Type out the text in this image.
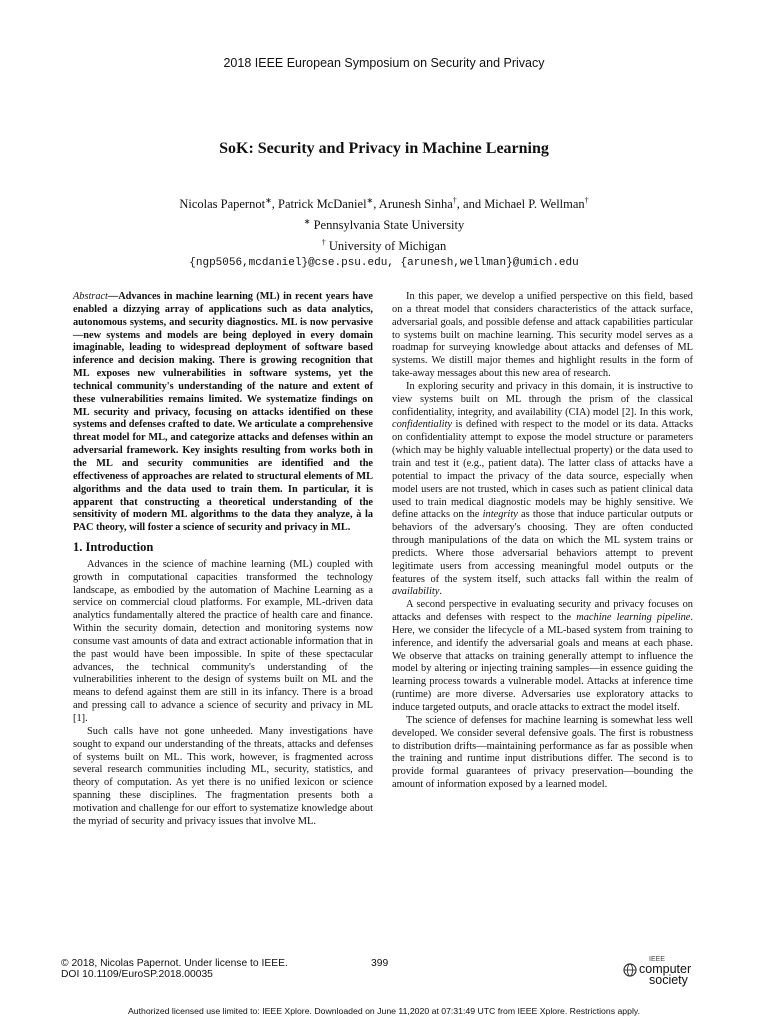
2018 IEEE European Symposium on Security and Privacy
SoK: Security and Privacy in Machine Learning
Nicolas Papernot∗, Patrick McDaniel∗, Arunesh Sinha†, and Michael P. Wellman†
∗ Pennsylvania State University
† University of Michigan
{ngp5056,mcdaniel}@cse.psu.edu, {arunesh,wellman}@umich.edu

Abstract—Advances in machine learning (ML) in recent years have enabled a dizzying array of applications such as data analytics, autonomous systems, and security diagnostics. ML is now pervasive—new systems and models are being deployed in every domain imaginable, leading to widespread deployment of software based inference and decision making. There is growing recognition that ML exposes new vulnerabilities in software systems, yet the technical community's understanding of the nature and extent of these vulnerabilities remains limited. We systematize findings on ML security and privacy, focusing on attacks identified on these systems and defenses crafted to date. We articulate a comprehensive threat model for ML, and categorize attacks and defenses within an adversarial framework. Key insights resulting from works both in the ML and security communities are identified and the effectiveness of approaches are related to structural elements of ML algorithms and the data used to train them. In particular, it is apparent that constructing a theoretical understanding of the sensitivity of modern ML algorithms to the data they analyze, à la PAC theory, will foster a science of security and privacy in ML.

1. Introduction

Advances in the science of machine learning (ML) coupled with growth in computational capacities transformed the technology landscape, as embodied by the automation of Machine Learning as a service on commercial cloud platforms. For example, ML-driven data analytics fundamentally altered the practice of health care and finance. Within the security domain, detection and monitoring systems now consume vast amounts of data and extract actionable information that in the past would have been impossible. In spite of these spectacular advances, the technical community's understanding of the vulnerabilities inherent to the design of systems built on ML and the means to defend against them are still in its infancy. There is a broad and pressing call to advance a science of security and privacy in ML [1].

Such calls have not gone unheeded. Many investigations have sought to expand our understanding of the threats, attacks and defenses of systems built on ML. This work, however, is fragmented across several research communities including ML, security, statistics, and theory of computation. As yet there is no unified lexicon or science spanning these disciplines. The fragmentation presents both a motivation and challenge for our effort to systematize knowledge about the myriad of security and privacy issues that involve ML.

In this paper, we develop a unified perspective on this field, based on a threat model that considers characteristics of the attack surface, adversarial goals, and possible defense and attack capabilities particular to systems built on machine learning. This security model serves as a roadmap for surveying knowledge about attacks and defenses of ML systems. We distill major themes and highlight results in the form of take-away messages about this new area of research.

In exploring security and privacy in this domain, it is instructive to view systems built on ML through the prism of the classical confidentiality, integrity, and availability (CIA) model [2]. In this work, confidentiality is defined with respect to the model or its data. Attacks on confidentiality attempt to expose the model structure or parameters (which may be highly valuable intellectual property) or the data used to train and test it (e.g., patient data). The latter class of attacks have a potential to impact the privacy of the data source, especially when model users are not trusted, which in cases such as patient clinical data used to train medical diagnostic models may be highly sensitive. We define attacks on the integrity as those that induce particular outputs or behaviors of the adversary's choosing. They are often conducted through manipulations of the data on which the ML system trains or predicts. Where those adversarial behaviors attempt to prevent legitimate users from accessing meaningful model outputs or the features of the system itself, such attacks fall within the realm of availability.

A second perspective in evaluating security and privacy focuses on attacks and defenses with respect to the machine learning pipeline. Here, we consider the lifecycle of a ML-based system from training to inference, and identify the adversarial goals and means at each phase. We observe that attacks on training generally attempt to influence the model by altering or injecting training samples—in essence guiding the learning process towards a vulnerable model. Attacks at inference time (runtime) are more diverse. Adversaries use exploratory attacks to induce targeted outputs, and oracle attacks to extract the model itself.

The science of defenses for machine learning is somewhat less well developed. We consider several defensive goals. The first is robustness to distribution drifts—maintaining performance as far as possible when the training and runtime input distributions differ. The second is to provide formal guarantees of privacy preservation—bounding the amount of information exposed by a learned model.

© 2018, Nicolas Papernot. Under license to IEEE.
DOI 10.1109/EuroSP.2018.00035
399	IEEE
computer
society
Authorized licensed use limited to: IEEE Xplore. Downloaded on June 11,2020 at 07:31:49 UTC from IEEE Xplore. Restrictions apply.
